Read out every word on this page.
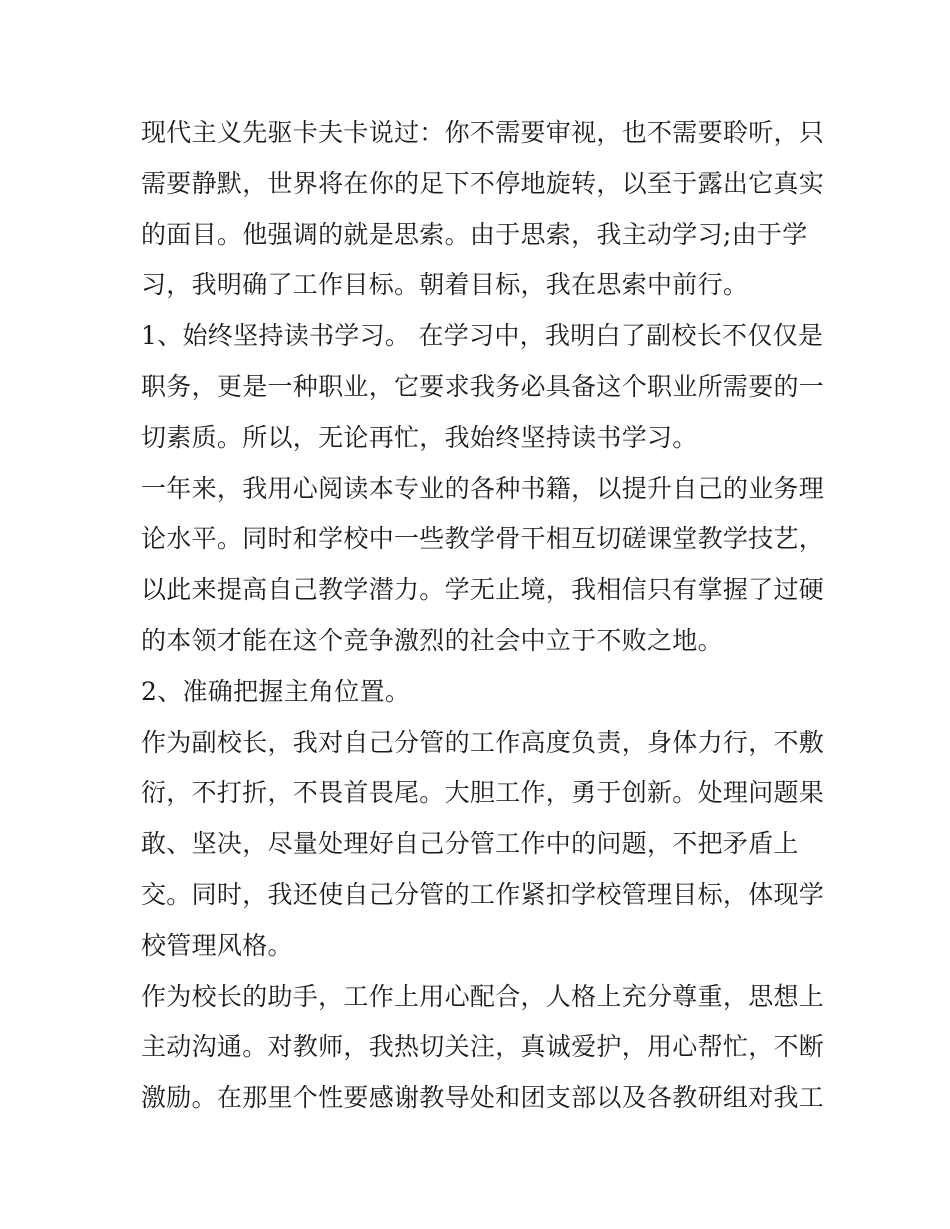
现代主义先驱卡夫卡说过：你不需要审视，也不需要聆听，只
需要静默，世界将在你的足下不停地旋转，以至于露出它真实
的面目。他强调的就是思索。由于思索，我主动学习;由于学
习，我明确了工作目标。朝着目标，我在思索中前行。
1、始终坚持读书学习。 在学习中，我明白了副校长不仅仅是
职务，更是一种职业，它要求我务必具备这个职业所需要的一
切素质。所以，无论再忙，我始终坚持读书学习。
一年来，我用心阅读本专业的各种书籍，以提升自己的业务理
论水平。同时和学校中一些教学骨干相互切磋课堂教学技艺，
以此来提高自己教学潜力。学无止境，我相信只有掌握了过硬
的本领才能在这个竞争激烈的社会中立于不败之地。
2、准确把握主角位置。
作为副校长，我对自己分管的工作高度负责，身体力行，不敷
衍，不打折，不畏首畏尾。大胆工作，勇于创新。处理问题果
敢、坚决，尽量处理好自己分管工作中的问题，不把矛盾上
交。同时，我还使自己分管的工作紧扣学校管理目标，体现学
校管理风格。
作为校长的助手，工作上用心配合，人格上充分尊重，思想上
主动沟通。对教师，我热切关注，真诚爱护，用心帮忙，不断
激励。在那里个性要感谢教导处和团支部以及各教研组对我工
